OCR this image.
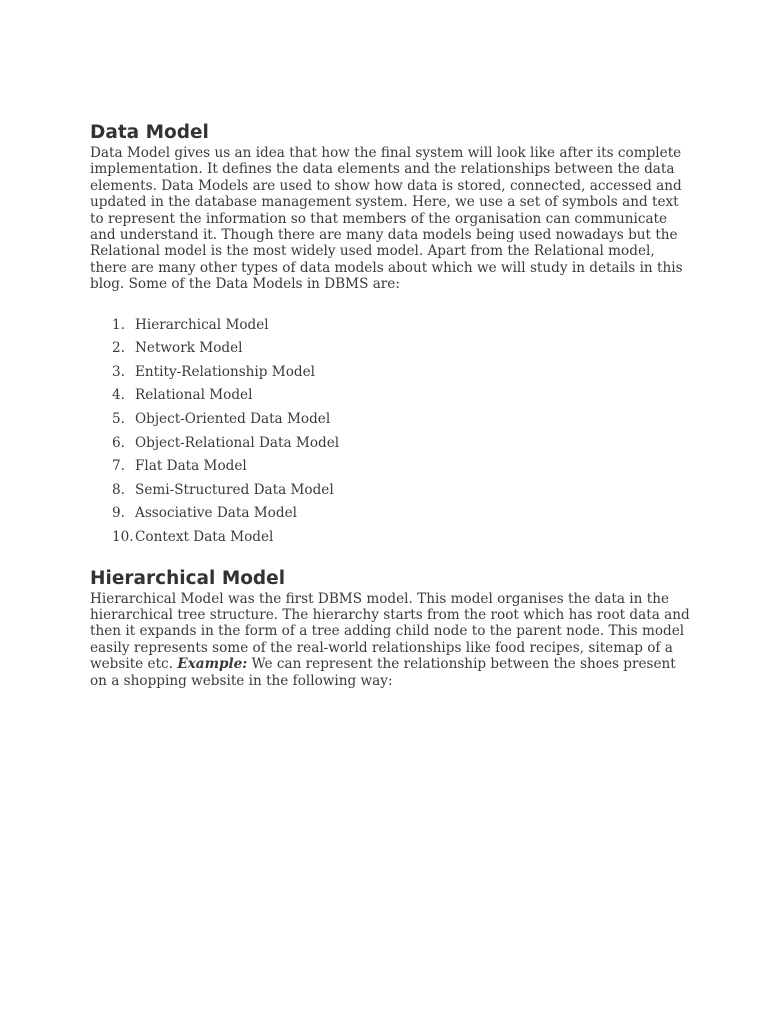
Data Model

Data Model gives us an idea that how the final system will look like after its complete implementation. It defines the data elements and the relationships between the data elements. Data Models are used to show how data is stored, connected, accessed and updated in the database management system. Here, we use a set of symbols and text to represent the information so that members of the organisation can communicate and understand it. Though there are many data models being used nowadays but the Relational model is the most widely used model. Apart from the Relational model, there are many other types of data models about which we will study in details in this blog. Some of the Data Models in DBMS are:

1. Hierarchical Model
2. Network Model
3. Entity-Relationship Model
4. Relational Model
5. Object-Oriented Data Model
6. Object-Relational Data Model
7. Flat Data Model
8. Semi-Structured Data Model
9. Associative Data Model
10. Context Data Model
Hierarchical Model

Hierarchical Model was the first DBMS model. This model organises the data in the hierarchical tree structure. The hierarchy starts from the root which has root data and then it expands in the form of a tree adding child node to the parent node. This model easily represents some of the real-world relationships like food recipes, sitemap of a website etc. Example: We can represent the relationship between the shoes present on a shopping website in the following way:
